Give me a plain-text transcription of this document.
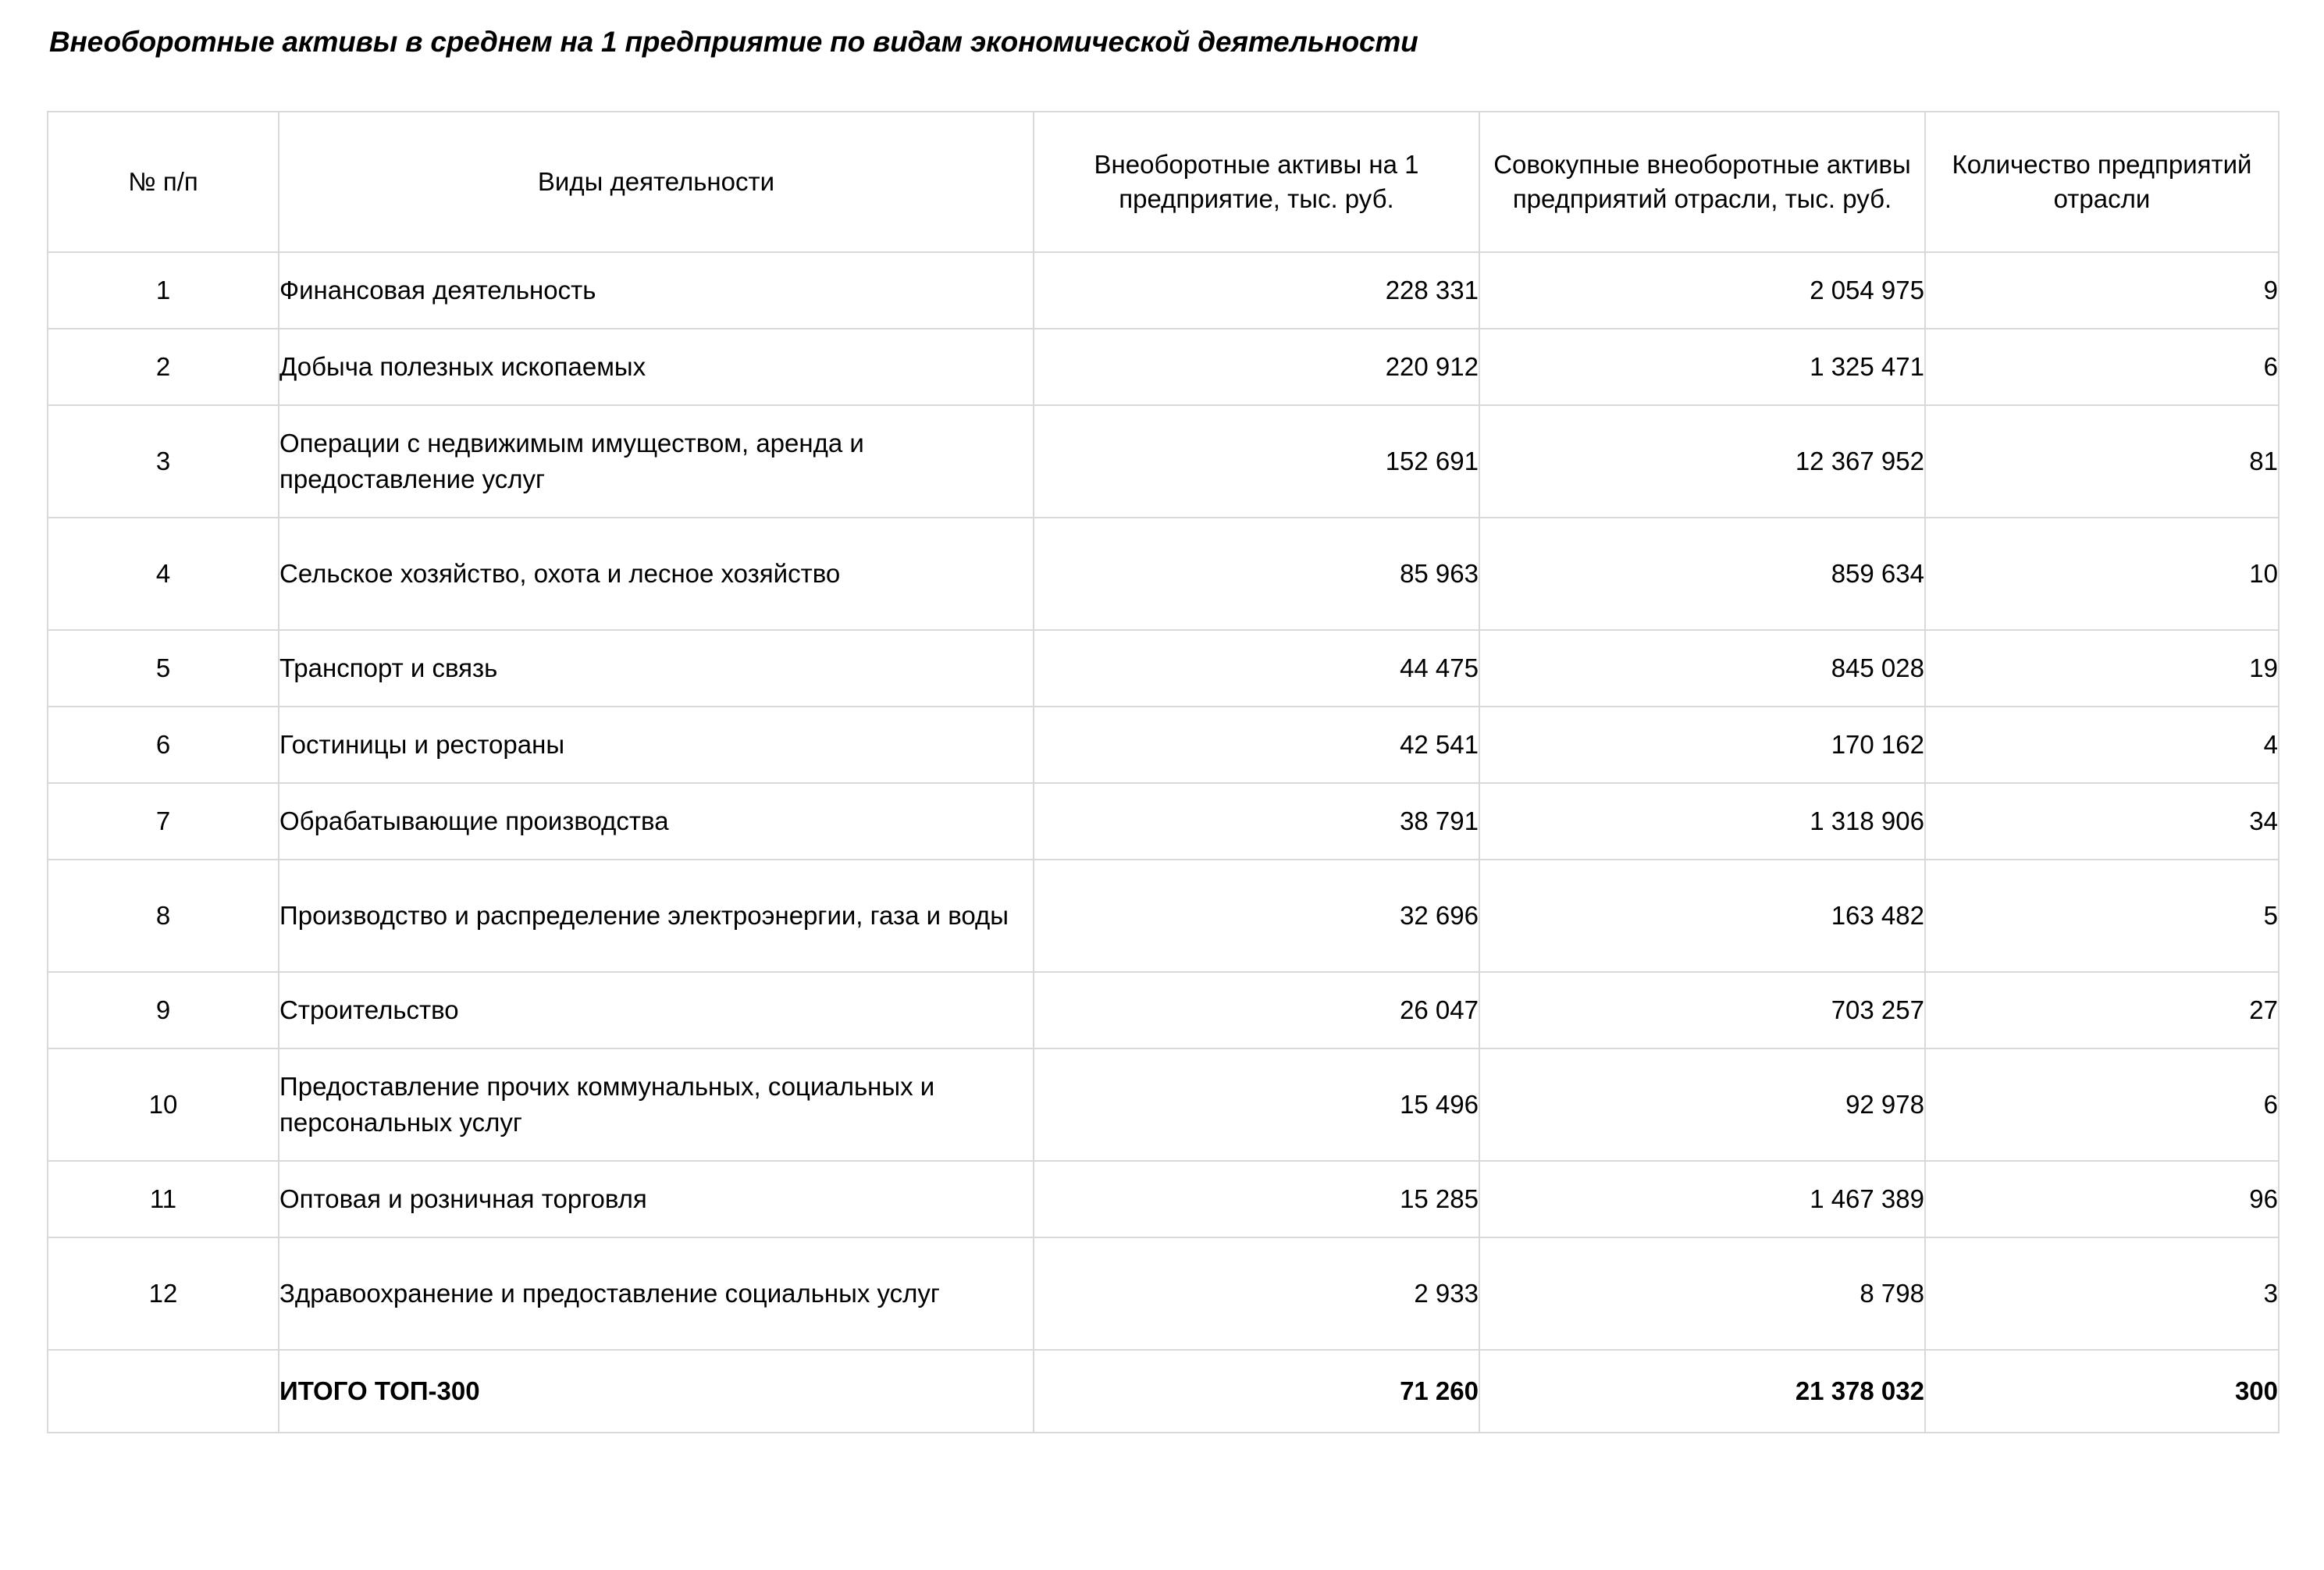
Внеоборотные активы в среднем на 1 предприятие по видам экономической деятельности
№ п/п	Виды деятельности	Внеоборотные активы на 1 предприятие, тыс. руб.	Совокупные внеоборотные активы предприятий отрасли, тыс. руб.	Количество предприятий отрасли
1	Финансовая деятельность	228 331	2 054 975	9
2	Добыча полезных ископаемых	220 912	1 325 471	6
3	Операции с недвижимым имуществом, аренда и предоставление услуг	152 691	12 367 952	81
4	Сельское хозяйство, охота и лесное хозяйство	85 963	859 634	10
5	Транспорт и связь	44 475	845 028	19
6	Гостиницы и рестораны	42 541	170 162	4
7	Обрабатывающие производства	38 791	1 318 906	34
8	Производство и распределение электроэнергии, газа и воды	32 696	163 482	5
9	Строительство	26 047	703 257	27
10	Предоставление прочих коммунальных, социальных и персональных услуг	15 496	92 978	6
11	Оптовая и розничная торговля	15 285	1 467 389	96
12	Здравоохранение и предоставление социальных услуг	2 933	8 798	3
	ИТОГО ТОП-300	71 260	21 378 032	300
